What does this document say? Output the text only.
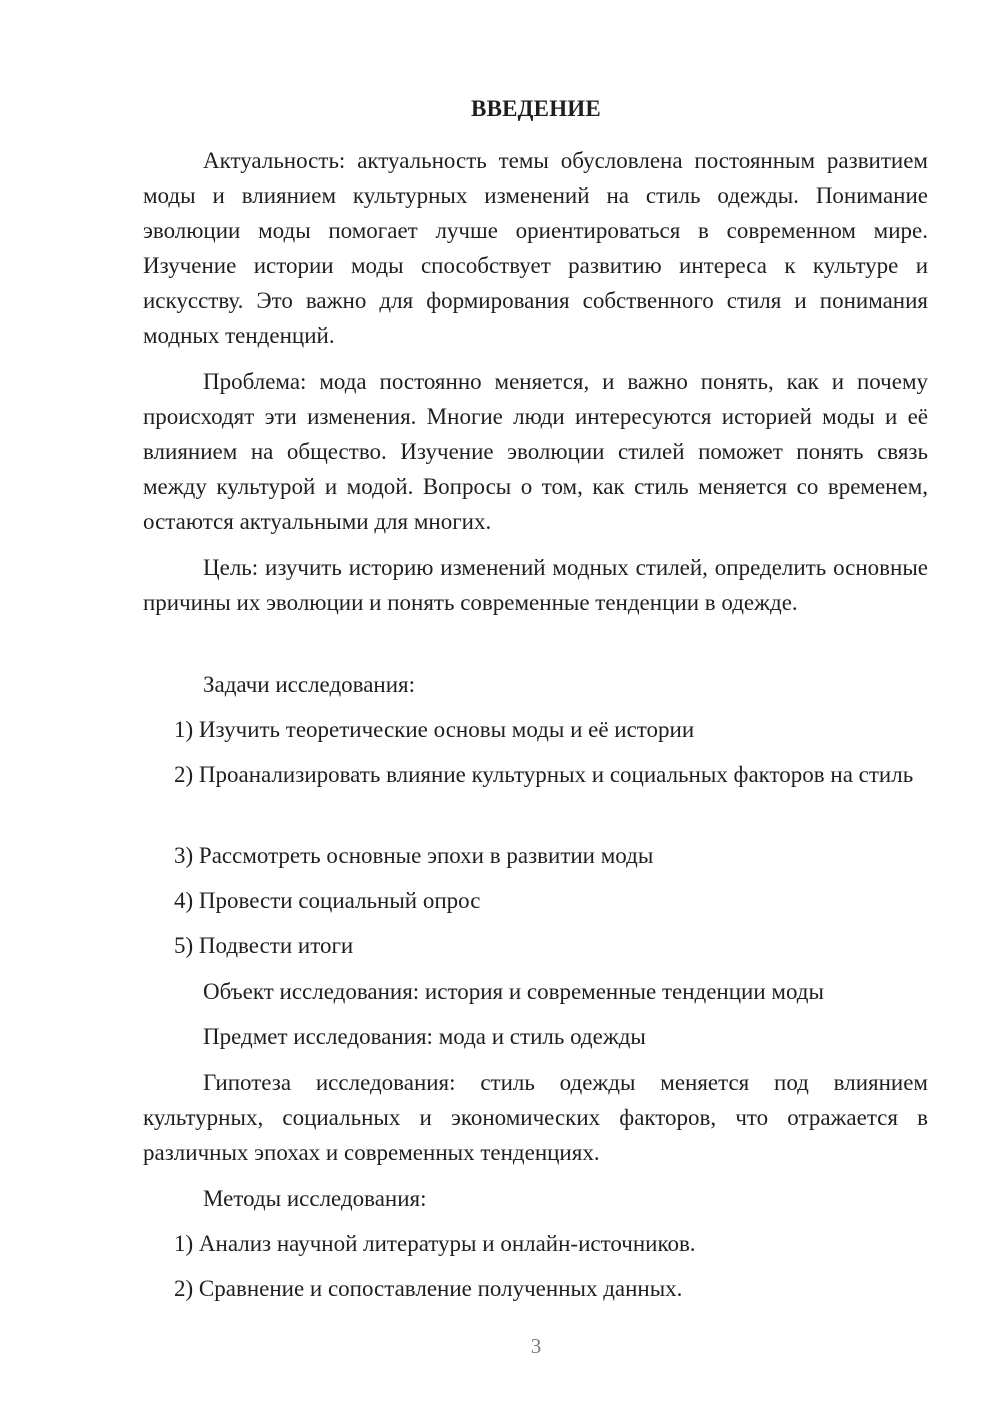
ВВЕДЕНИЕ

Актуальность: актуальность темы обусловлена постоянным развитием моды и влиянием культурных изменений на стиль одежды. Понимание эволюции моды помогает лучше ориентироваться в современном мире. Изучение истории моды способствует развитию интереса к культуре и искусству. Это важно для формирования собственного стиля и понимания модных тенденций.

Проблема: мода постоянно меняется, и важно понять, как и почему происходят эти изменения. Многие люди интересуются историей моды и её влиянием на общество. Изучение эволюции стилей поможет понять связь между культурой и модой. Вопросы о том, как стиль меняется со временем, остаются актуальными для многих.

Цель: изучить историю изменений модных стилей, определить основные причины их эволюции и понять современные тенденции в одежде.

Задачи исследования:

1) Изучить теоретические основы моды и её истории

2) Проанализировать влияние культурных и социальных факторов на стиль

3) Рассмотреть основные эпохи в развитии моды

4) Провести социальный опрос

5) Подвести итоги

Объект исследования: история и современные тенденции моды

Предмет исследования: мода и стиль одежды

Гипотеза исследования: стиль одежды меняется под влиянием культурных, социальных и экономических факторов, что отражается в различных эпохах и современных тенденциях.

Методы исследования:

1) Анализ научной литературы и онлайн-источников.

2) Сравнение и сопоставление полученных данных.

3
